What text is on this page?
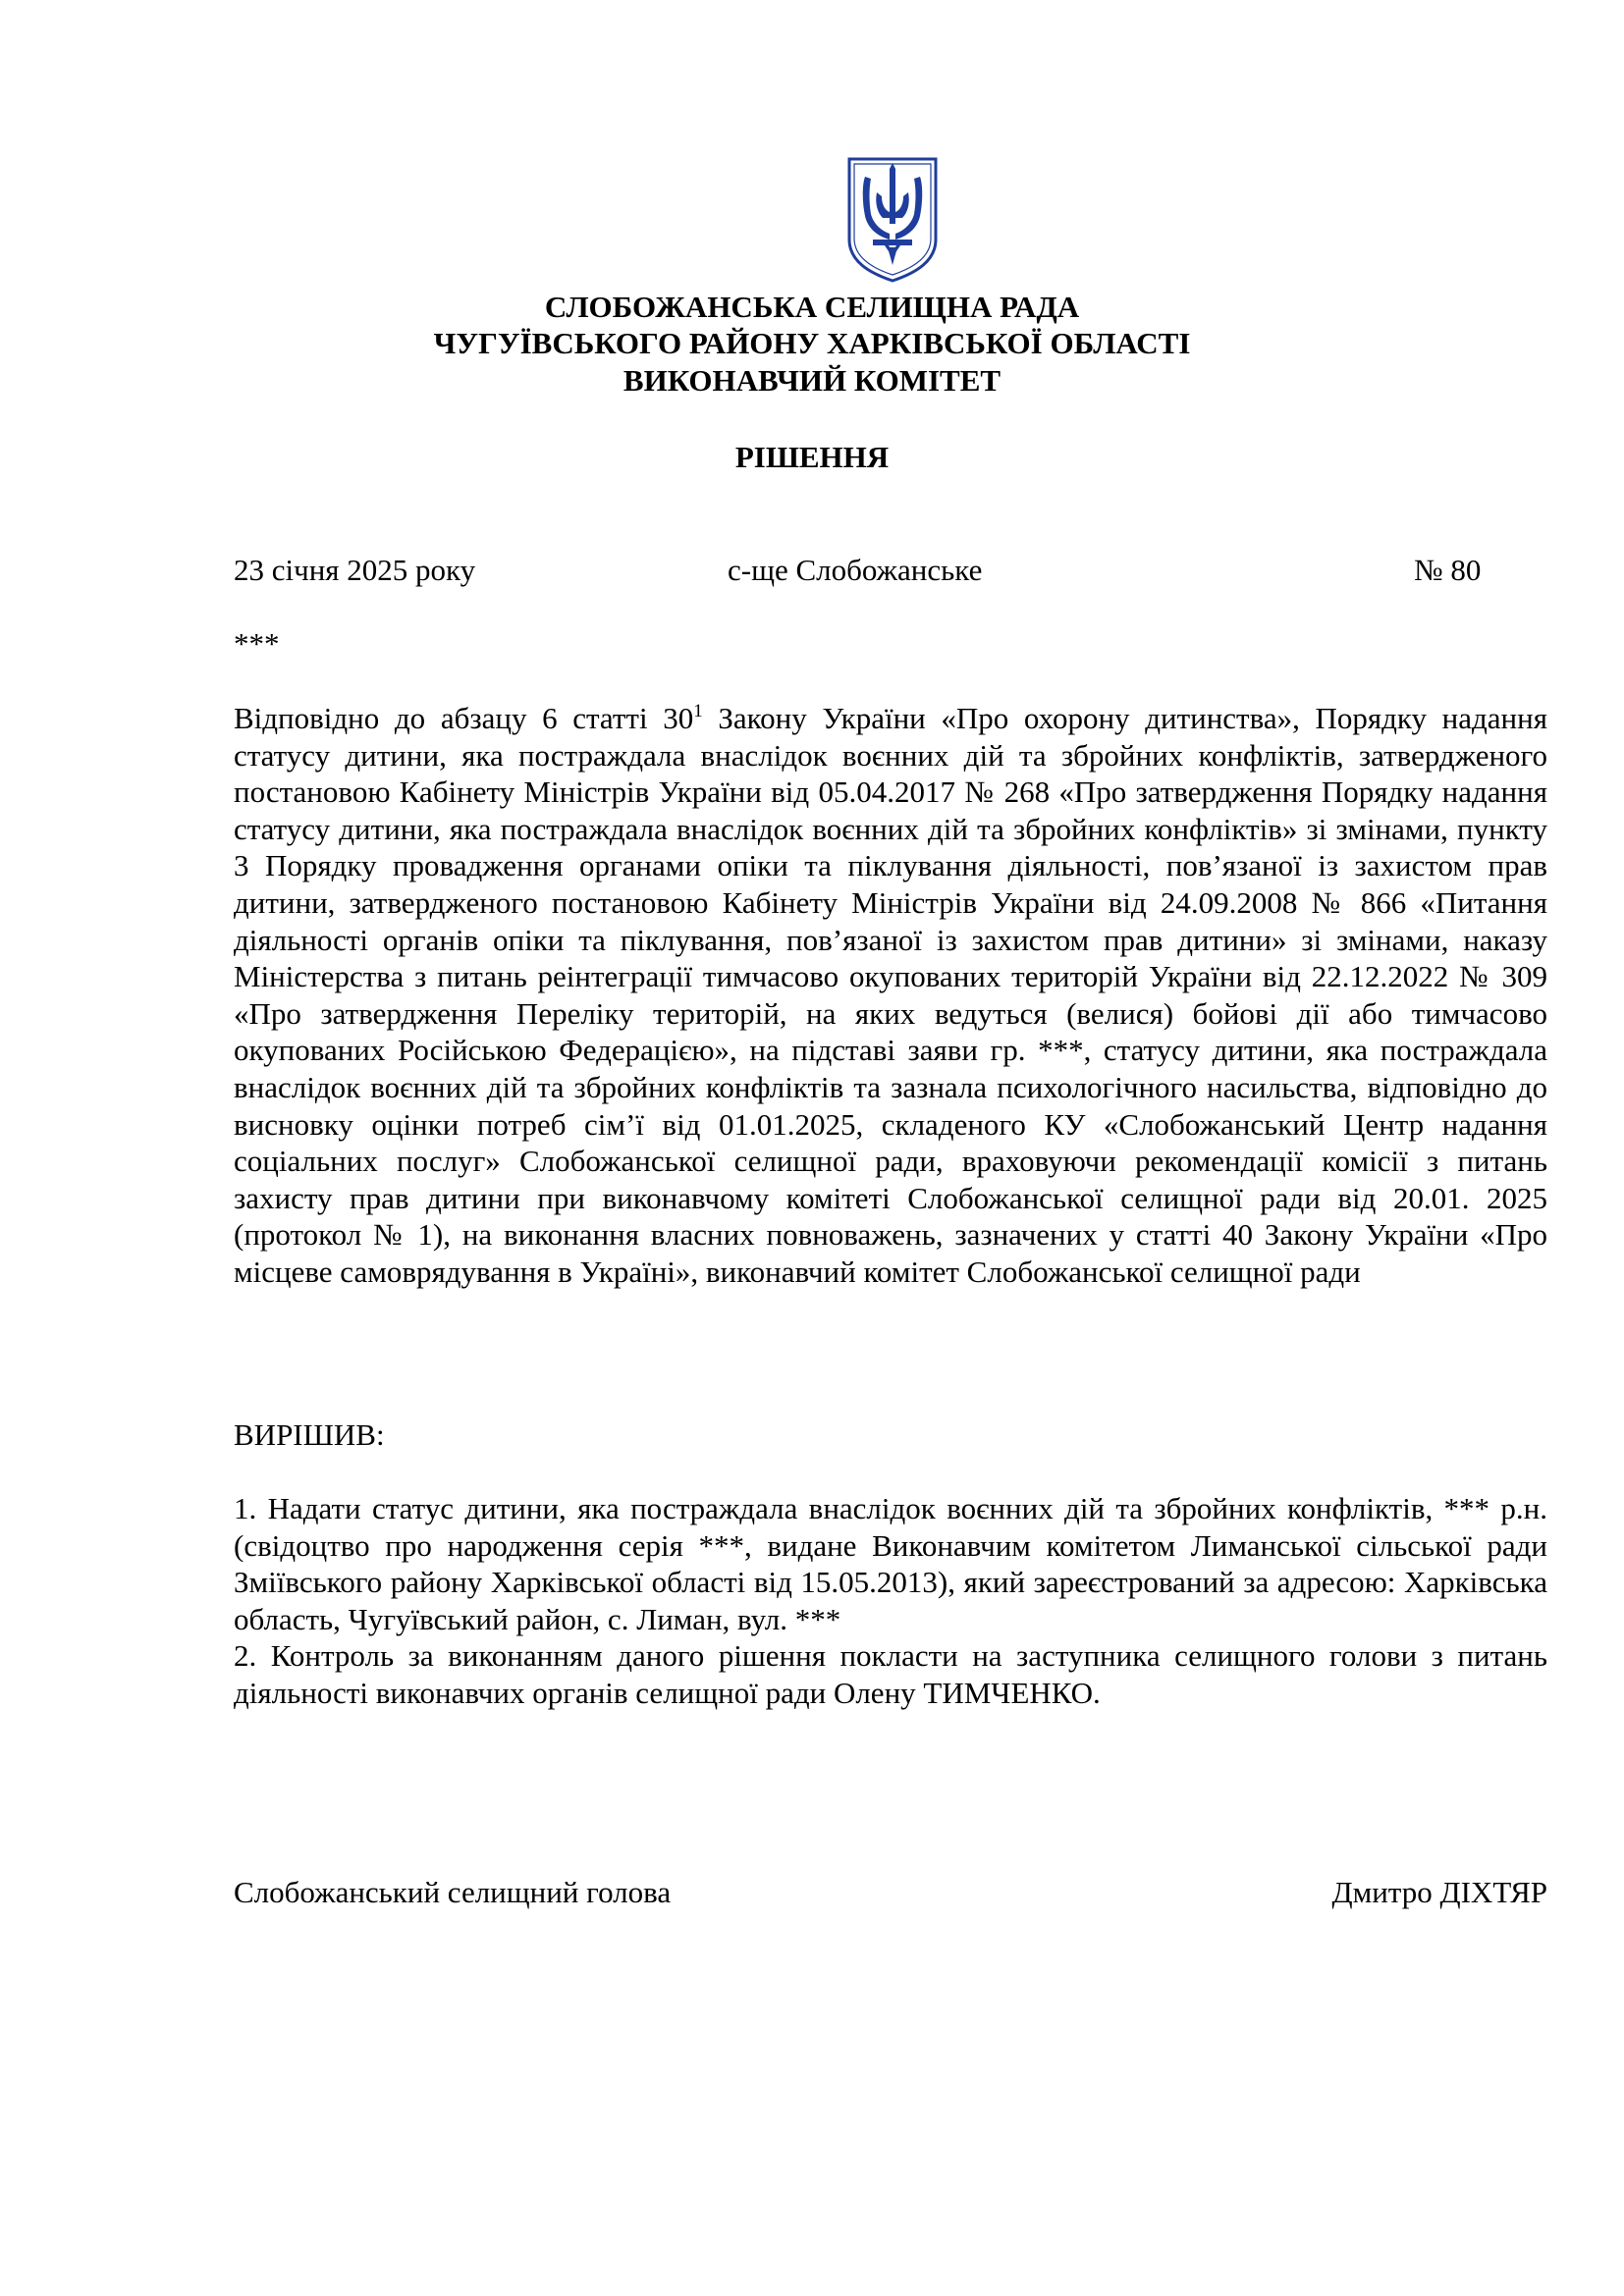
СЛОБОЖАНСЬКА СЕЛИЩНА РАДА
ЧУГУЇВСЬКОГО РАЙОНУ ХАРКІВСЬКОЇ ОБЛАСТІ
ВИКОНАВЧИЙ КОМІТЕТ
РІШЕННЯ
23 січня 2025 року	с-ще Слобожанське	№ 80
***

Відповідно до абзацу 6 статті $30^1$ Закону України «Про охорону дитинства», Порядку надання статусу дитини, яка постраждала внаслідок воєнних дій та збройних конфліктів, затвердженого постановою Кабінету Міністрів України від 05.04.2017 № 268 «Про затвердження Порядку надання статусу дитини, яка постраждала внаслідок воєнних дій та збройних конфліктів» зі змінами, пункту 3 Порядку провадження органами опіки та піклування діяльності, пов’язаної із захистом прав дитини, затвердженого постановою Кабінету Міністрів України від 24.09.2008 № 866 «Питання діяльності органів опіки та піклування, пов’язаної із захистом прав дитини» зі змінами, наказу Міністерства з питань реінтеграції тимчасово окупованих територій України від 22.12.2022 № 309 «Про затвердження Переліку територій, на яких ведуться (велися) бойові дії або тимчасово окупованих Російською Федерацією», на підставі заяви гр. ***, статусу дитини, яка постраждала внаслідок воєнних дій та збройних конфліктів та зазнала психологічного насильства, відповідно до висновку оцінки потреб сім’ї від 01.01.2025, складеного КУ «Слобожанський Центр надання соціальних послуг» Слобожанської селищної ради, враховуючи рекомендації комісії з питань захисту прав дитини при виконавчому комітеті Слобожанської селищної ради від 20.01. 2025 (протокол № 1), на виконання власних повноважень, зазначених у статті 40 Закону України «Про місцеве самоврядування в Україні», виконавчий комітет Слобожанської селищної ради

ВИРІШИВ:

1. Надати статус дитини, яка постраждала внаслідок воєнних дій та збройних конфліктів, *** р.н. (свідоцтво про народження серія ***, видане Виконавчим комітетом Лиманської сільської ради Зміївського району Харківської області від 15.05.2013), який зареєстрований за адресою: Харківська область, Чугуївський район, с. Лиман, вул. ***

2. Контроль за виконанням даного рішення покласти на заступника селищного голови з питань діяльності виконавчих органів селищної ради Олену ТИМЧЕНКО.

Слобожанський селищний голова	Дмитро ДІХТЯР
